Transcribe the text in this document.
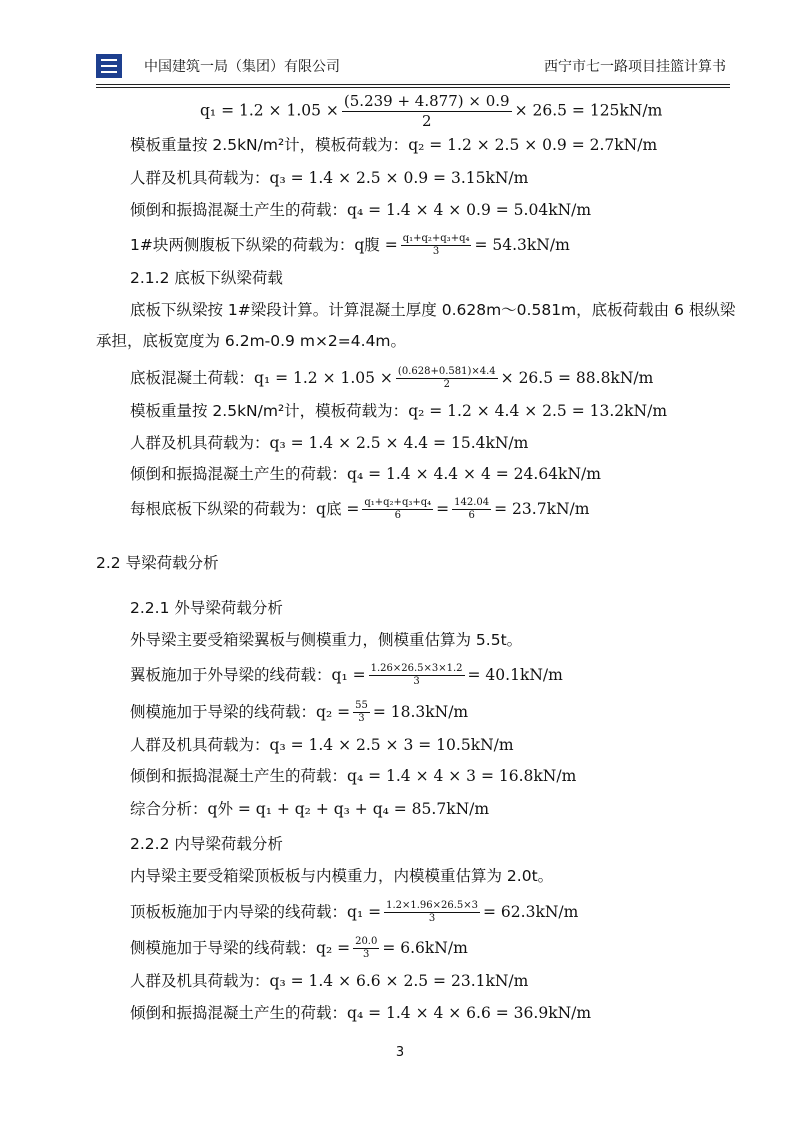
中国建筑一局（集团）有限公司	西宁市七一路项目挂篮计算书
$q_1 = 1.2 \times 1.05 \times \frac{(5.239 + 4.877) \times 0.9}{2} \times 26.5 = 125kN/m$
模板重量按 2.5kN/m²计，模板荷载为：q₂ = 1.2 × 2.5 × 0.9 = 2.7kN/m
人群及机具荷载为：q₃ = 1.4 × 2.5 × 0.9 = 3.15kN/m
倾倒和振捣混凝土产生的荷载：q₄ = 1.4 × 4 × 0.9 = 5.04kN/m
1#块两侧腹板下纵梁的荷载为：q腹 = $\frac{\text{q₁+q₂+q₃+q₄}}{3} = 54.3kN/m$
2.1.2 底板下纵梁荷载
底板下纵梁按 1#梁段计算。计算混凝土厚度 0.628m～0.581m，底板荷载由 6 根纵梁
承担，底板宽度为 6.2m-0.9 m×2=4.4m。
底板混凝土荷载：$q_1 = 1.2 \times 1.05 \times \frac{(0.628+0.581)\times 4.4}{2} \times 26.5 = 88.8kN/m$
模板重量按 2.5kN/m²计，模板荷载为：q₂ = 1.2 × 4.4 × 2.5 = 13.2kN/m
人群及机具荷载为：q₃ = 1.4 × 2.5 × 4.4 = 15.4kN/m
倾倒和振捣混凝土产生的荷载：q₄ = 1.4 × 4.4 × 4 = 24.64kN/m
每根底板下纵梁的荷载为：q底 = $\frac{\text{q₁+q₂+q₃+q₄}}{6} = \frac{142.04}{6} = 23.7kN/m$
2.2 导梁荷载分析
2.2.1 外导梁荷载分析
外导梁主要受箱梁翼板与侧模重力，侧模重估算为 5.5t。
翼板施加于外导梁的线荷载：$q_1 = \frac{1.26\times 26.5\times 3\times 1.2}{3} = 40.1kN/m$
侧模施加于导梁的线荷载：$q_2 = \frac{55}{3} = 18.3kN/m$
人群及机具荷载为：q₃ = 1.4 × 2.5 × 3 = 10.5kN/m
倾倒和振捣混凝土产生的荷载：q₄ = 1.4 × 4 × 3 = 16.8kN/m
综合分析：q外 = q₁ + q₂ + q₃ + q₄ = 85.7kN/m
2.2.2 内导梁荷载分析
内导梁主要受箱梁顶板板与内模重力，内模模重估算为 2.0t。
顶板板施加于内导梁的线荷载：$q_1 = \frac{1.2\times 1.96\times 26.5\times 3}{3} = 62.3kN/m$
侧模施加于导梁的线荷载：$q_2 = \frac{20.0}{3} = 6.6kN/m$
人群及机具荷载为：q₃ = 1.4 × 6.6 × 2.5 = 23.1kN/m
倾倒和振捣混凝土产生的荷载：q₄ = 1.4 × 4 × 6.6 = 36.9kN/m
3
